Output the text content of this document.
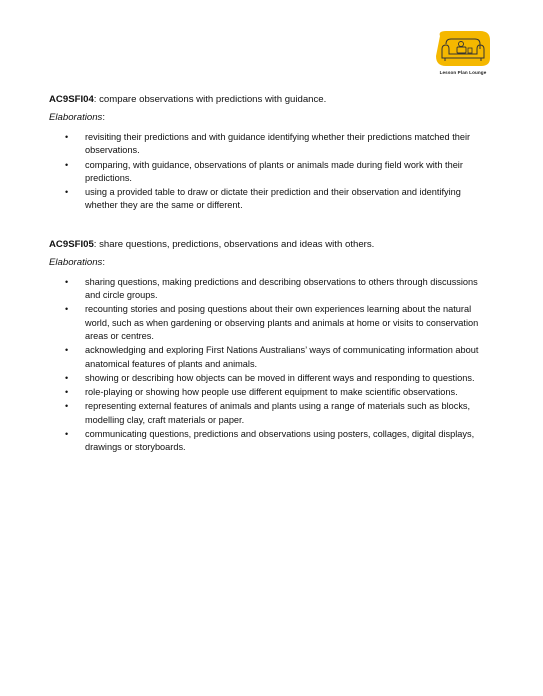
Lesson Plan Lounge

AC9SFI04: compare observations with predictions with guidance.

Elaborations:

• revisiting their predictions and with guidance identifying whether their predictions matched their observations.
• comparing, with guidance, observations of plants or animals made during field work with their predictions.
• using a provided table to draw or dictate their prediction and their observation and identifying whether they are the same or different.

AC9SFI05: share questions, predictions, observations and ideas with others.

Elaborations:

• sharing questions, making predictions and describing observations to others through discussions and circle groups.
• recounting stories and posing questions about their own experiences learning about the natural world, such as when gardening or observing plants and animals at home or visits to conservation areas or centres.
• acknowledging and exploring First Nations Australians’ ways of communicating information about anatomical features of plants and animals.
• showing or describing how objects can be moved in different ways and responding to questions.
• role-playing or showing how people use different equipment to make scientific observations.
• representing external features of animals and plants using a range of materials such as blocks, modelling clay, craft materials or paper.
• communicating questions, predictions and observations using posters, collages, digital displays, drawings or storyboards.
